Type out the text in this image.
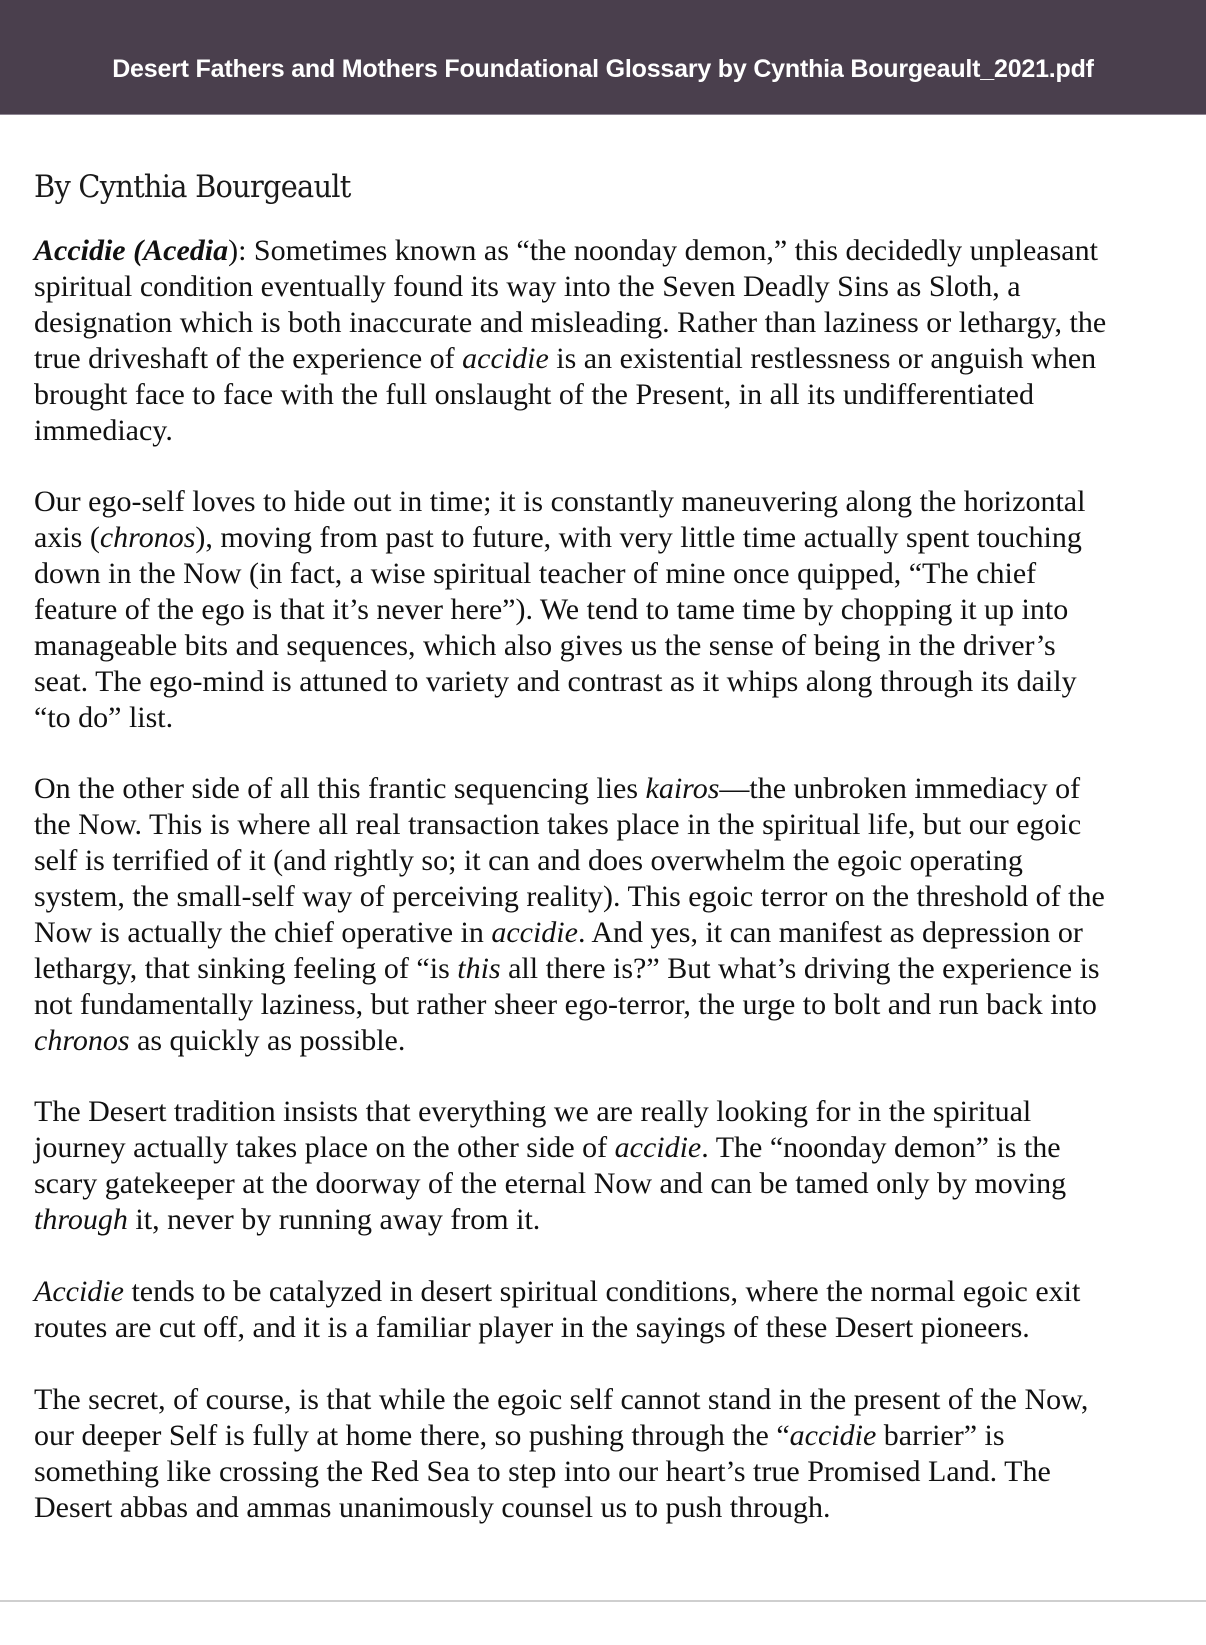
Desert Fathers and Mothers Foundational Glossary by Cynthia Bourgeault_2021.pdf
By Cynthia Bourgeault
Accidie (Acedia): Sometimes known as “the noonday demon,” this decidedly unpleasant
spiritual condition eventually found its way into the Seven Deadly Sins as Sloth, a
designation which is both inaccurate and misleading. Rather than laziness or lethargy, the
true driveshaft of the experience of accidie is an existential restlessness or anguish when
brought face to face with the full onslaught of the Present, in all its undifferentiated
immediacy.
Our ego-self loves to hide out in time; it is constantly maneuvering along the horizontal
axis (chronos), moving from past to future, with very little time actually spent touching
down in the Now (in fact, a wise spiritual teacher of mine once quipped, “The chief
feature of the ego is that it’s never here”). We tend to tame time by chopping it up into
manageable bits and sequences, which also gives us the sense of being in the driver’s
seat. The ego-mind is attuned to variety and contrast as it whips along through its daily
“to do” list.
On the other side of all this frantic sequencing lies kairos—the unbroken immediacy of
the Now. This is where all real transaction takes place in the spiritual life, but our egoic
self is terrified of it (and rightly so; it can and does overwhelm the egoic operating
system, the small-self way of perceiving reality). This egoic terror on the threshold of the
Now is actually the chief operative in accidie. And yes, it can manifest as depression or
lethargy, that sinking feeling of “is this all there is?” But what’s driving the experience is
not fundamentally laziness, but rather sheer ego-terror, the urge to bolt and run back into
chronos as quickly as possible.
The Desert tradition insists that everything we are really looking for in the spiritual
journey actually takes place on the other side of accidie. The “noonday demon” is the
scary gatekeeper at the doorway of the eternal Now and can be tamed only by moving
through it, never by running away from it.
Accidie tends to be catalyzed in desert spiritual conditions, where the normal egoic exit
routes are cut off, and it is a familiar player in the sayings of these Desert pioneers.
The secret, of course, is that while the egoic self cannot stand in the present of the Now,
our deeper Self is fully at home there, so pushing through the “accidie barrier” is
something like crossing the Red Sea to step into our heart’s true Promised Land. The
Desert abbas and ammas unanimously counsel us to push through.
